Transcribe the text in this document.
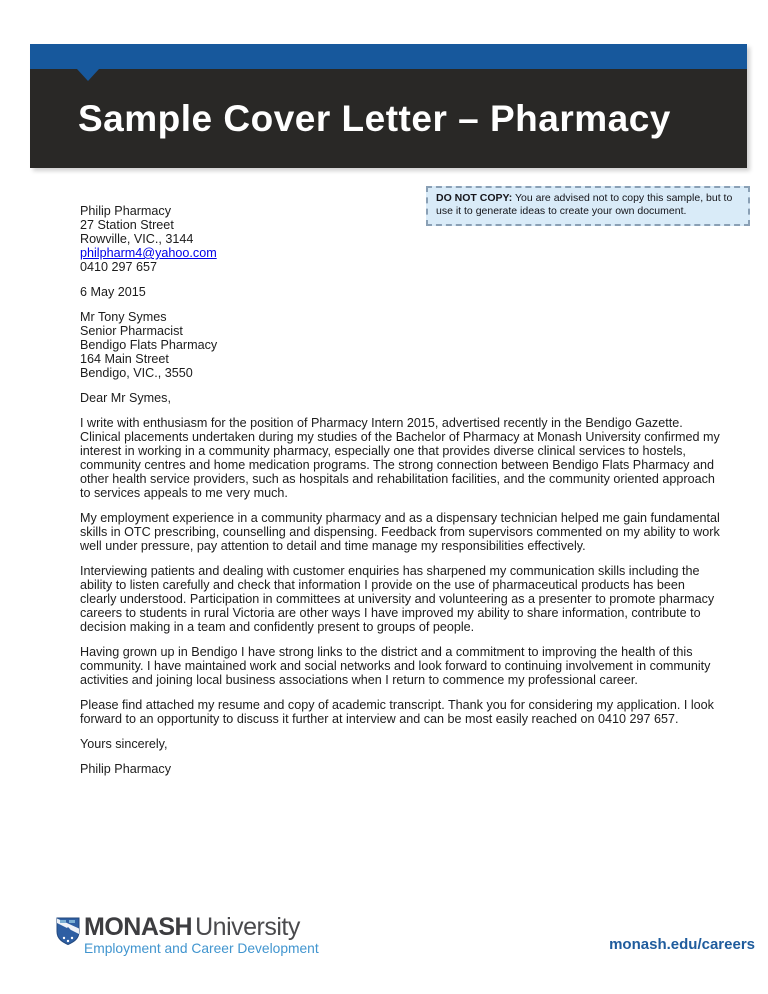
Sample Cover Letter – Pharmacy
DO NOT COPY: You are advised not to copy this sample, but to use it to generate ideas to create your own document.
Philip Pharmacy
27 Station Street
Rowville, VIC., 3144
philpharm4@yahoo.com
0410 297 657
6 May 2015
Mr Tony Symes
Senior Pharmacist
Bendigo Flats Pharmacy
164 Main Street
Bendigo, VIC., 3550
Dear Mr Symes,

I write with enthusiasm for the position of Pharmacy Intern 2015, advertised recently in the Bendigo Gazette. Clinical placements undertaken during my studies of the Bachelor of Pharmacy at Monash University confirmed my interest in working in a community pharmacy, especially one that provides diverse clinical services to hostels, community centres and home medication programs. The strong connection between Bendigo Flats Pharmacy and other health service providers, such as hospitals and rehabilitation facilities, and the community oriented approach to services appeals to me very much.

My employment experience in a community pharmacy and as a dispensary technician helped me gain fundamental skills in OTC prescribing, counselling and dispensing. Feedback from supervisors commented on my ability to work well under pressure, pay attention to detail and time manage my responsibilities effectively.

Interviewing patients and dealing with customer enquiries has sharpened my communication skills including the ability to listen carefully and check that information I provide on the use of pharmaceutical products has been clearly understood. Participation in committees at university and volunteering as a presenter to promote pharmacy careers to students in rural Victoria are other ways I have improved my ability to share information, contribute to decision making in a team and confidently present to groups of people.

Having grown up in Bendigo I have strong links to the district and a commitment to improving the health of this community. I have maintained work and social networks and look forward to continuing involvement in community activities and joining local business associations when I return to commence my professional career.

Please find attached my resume and copy of academic transcript. Thank you for considering my application. I look forward to an opportunity to discuss it further at interview and can be most easily reached on 0410 297 657.

Yours sincerely,
Philip Pharmacy
MONASH University
Employment and Career Development	monash.edu/careers
